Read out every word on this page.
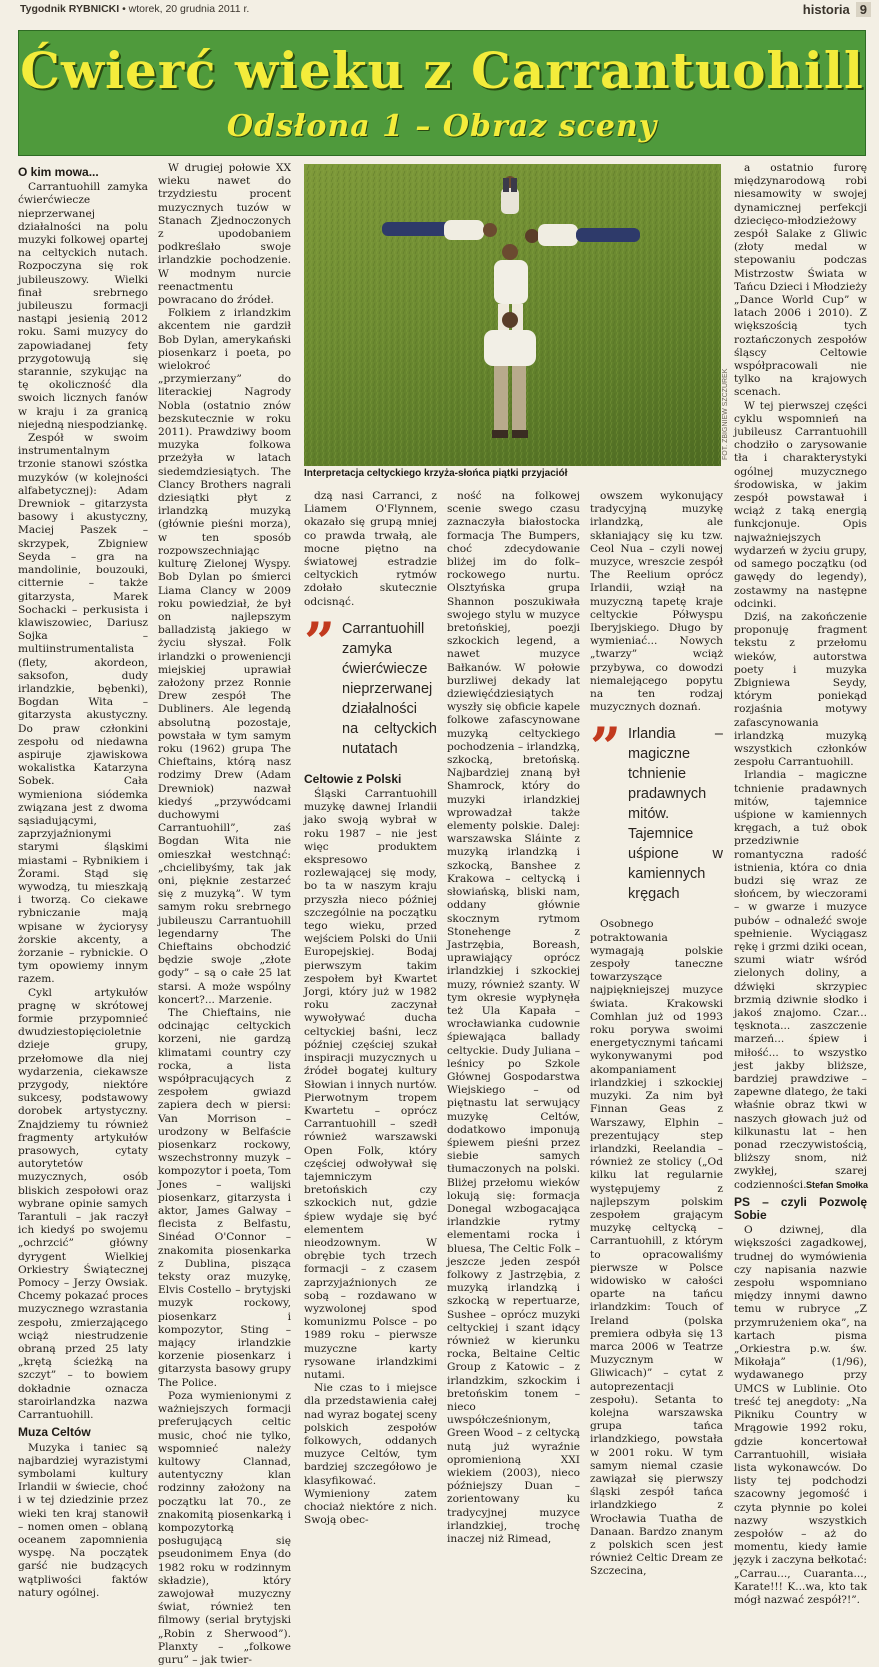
Tygodnik RYBNICKI • wtorek, 20 grudnia 2011 r.	historia 9
Ćwierć wieku z Carrantuohill
Odsłona 1 – Obraz sceny
FOT. ZBIGNIEW SZCZUREK
Interpretacja celtyckiego krzyża-słońca piątki przyjaciół
O kim mowa...

Carrantuohill zamyka ćwierćwiecze nieprzerwanej działalności na polu muzyki folkowej opartej na celtyckich nutach. Rozpoczyna się rok jubileuszowy. Wielki finał srebrnego jubileuszu formacji nastąpi jesienią 2012 roku. Sami muzycy do zapowiadanej fety przygotowują się starannie, szykując na tę okoliczność dla swoich licznych fanów w kraju i za granicą niejedną niespodziankę.

Zespół w swoim instrumentalnym trzonie stanowi szóstka muzyków (w kolejności alfabetycznej): Adam Drewniok – gitarzysta basowy i akustyczny, Maciej Paszek – skrzypek, Zbigniew Seyda – gra na mandolinie, bouzouki, citternie – także gitarzysta, Marek Sochacki – perkusista i klawiszowiec, Dariusz Sojka – multiinstrumentalista (flety, akordeon, saksofon, dudy irlandzkie, bębenki), Bogdan Wita – gitarzysta akustyczny. Do praw członkini zespołu od niedawna aspiruje zjawiskowa wokalistka Katarzyna Sobek. Cała wymieniona siódemka związana jest z dwoma sąsiadującymi, zaprzyjaźnionymi starymi śląskimi miastami – Rybnikiem i Żorami. Stąd się wywodzą, tu mieszkają i tworzą. Co ciekawe rybniczanie mają wpisane w życiorysy żorskie akcenty, a żorzanie – rybnickie. O tym opowiemy innym razem.

Cykl artykułów pragnę w skrótowej formie przypomnieć dwudziestopięcioletnie dzieje grupy, przełomowe dla niej wydarzenia, ciekawsze przygody, niektóre sukcesy, podstawowy dorobek artystyczny. Znajdziemy tu również fragmenty artykułów prasowych, cytaty autorytetów muzycznych, osób bliskich zespołowi oraz wybrane opinie samych Tarantuli – jak raczył ich kiedyś po swojemu „ochrzcić” główny dyrygent Wielkiej Orkiestry Świątecznej Pomocy – Jerzy Owsiak. Chcemy pokazać proces muzycznego wzrastania zespołu, zmierzającego wciąż niestrudzenie obraną przed 25 laty „krętą ścieżką na szczyt” – to bowiem dokładnie oznacza staroirlandzka nazwa Carrantuohill.

Muza Celtów

Muzyka i taniec są najbardziej wyrazistymi symbolami kultury Irlandii w świecie, choć i w tej dziedzinie przez wieki ten kraj stanowił – nomen omen – oblaną oceanem zapomnienia wyspę. Na początek garść nie budzących wątpliwości faktów natury ogólnej.

W drugiej połowie XX wieku nawet do trzydziestu procent muzycznych tuzów w Stanach Zjednoczonych z upodobaniem podkreślało swoje irlandzkie pochodzenie. W modnym nurcie reenactmentu powracano do źródeł.

Folkiem z irlandzkim akcentem nie gardził Bob Dylan, amerykański piosenkarz i poeta, po wielokroć „przymierzany” do literackiej Nagrody Nobla (ostatnio znów bezskutecznie w roku 2011). Prawdziwy boom muzyka folkowa przeżyła w latach siedemdziesiątych. The Clancy Brothers nagrali dziesiątki płyt z irlandzką muzyką (głównie pieśni morza), w ten sposób rozpowszechniając kulturę Zielonej Wyspy. Bob Dylan po śmierci Liama Clancy w 2009 roku powiedział, że był on najlepszym balladzistą jakiego w życiu słyszał. Folk irlandzki o proweniencji miejskiej uprawiał założony przez Ronnie Drew zespół The Dubliners. Ale legendą absolutną pozostaje, powstała w tym samym roku (1962) grupa The Chieftains, którą nasz rodzimy Drew (Adam Drewniok) nazwał kiedyś „przywódcami duchowymi Carrantuohill”, zaś Bogdan Wita nie omieszkał westchnąć: „chcielibyśmy, tak jak oni, pięknie zestarzeć się z muzyką”. W tym samym roku srebrnego jubileuszu Carrantuohill legendarny The Chieftains obchodzić będzie swoje „złote gody” – są o całe 25 lat starsi. A może wspólny koncert?... Marzenie.

The Chieftains, nie odcinając celtyckich korzeni, nie gardzą klimatami country czy rocka, a lista współpracujących z zespołem gwiazd zapiera dech w piersi: Van Morrison – urodzony w Belfaście piosenkarz rockowy, wszechstronny muzyk – kompozytor i poeta, Tom Jones – walijski piosenkarz, gitarzysta i aktor, James Galway – flecista z Belfastu, Sinéad O'Connor – znakomita piosenkarka z Dublina, pisząca teksty oraz muzykę, Elvis Costello – brytyjski muzyk rockowy, piosenkarz i kompozytor, Sting – mający irlandzkie korzenie piosenkarz i gitarzysta basowy grupy The Police.

Poza wymienionymi z ważniejszych formacji preferujących celtic music, choć nie tylko, wspomnieć należy kultowy Clannad, autentyczny klan rodzinny założony na początku lat 70., ze znakomitą piosenkarką i kompozytorką posługującą się pseudonimem Enya (do 1982 roku w rodzinnym składzie), który zawojował muzyczny świat, również ten filmowy (serial brytyjski „Robin z Sherwood”). Planxty – „folkowe guru” – jak twier-

dzą nasi Carranci, z Liamem O'Flynnem, okazało się grupą mniej co prawda trwałą, ale mocne piętno na światowej estradzie celtyckich rytmów zdołało skutecznie odcisnąć.

” Carrantuohill zamyka ćwierćwiecze nieprzerwanej działalności na celtyckich nutatach
Celtowie z Polski

Śląski Carrantuohill muzykę dawnej Irlandii jako swoją wybrał w roku 1987 – nie jest więc produktem ekspresowo rozlewającej się mody, bo ta w naszym kraju przyszła nieco później szczególnie na początku tego wieku, przed wejściem Polski do Unii Europejskiej. Bodaj pierwszym takim zespołem był Kwartet Jorgi, który już w 1982 roku zaczynał wywoływać ducha celtyckiej baśni, lecz później częściej szukał inspiracji muzycznych u źródeł bogatej kultury Słowian i innych nurtów. Pierwotnym tropem Kwartetu – oprócz Carrantuohill – szedł również warszawski Open Folk, który częściej odwoływał się tajemniczym bretońskich czy szkockich nut, gdzie śpiew wydaje się być elementem nieodzownym. W obrębie tych trzech formacji – z czasem zaprzyjaźnionych ze sobą – rozdawano w wyzwolonej spod komunizmu Polsce – po 1989 roku – pierwsze muzyczne karty rysowane irlandzkimi nutami.

Nie czas to i miejsce dla przedstawienia całej nad wyraz bogatej sceny polskich zespołów folkowych, oddanych muzyce Celtów, tym bardziej szczegółowo je klasyfikować. Wymieniony zatem chociaż niektóre z nich. Swoją obec-

ność na folkowej scenie swego czasu zaznaczyła białostocka formacja The Bumpers, choć zdecydowanie bliżej im do folk–rockowego nurtu. Olsztyńska grupa Shannon poszukiwała swojego stylu w muzyce bretońskiej, poezji szkockich legend, a nawet muzyce Bałkanów. W połowie burzliwej dekady lat dziewięćdziesiątych wyszły się obficie kapele folkowe zafascynowane muzyką celtyckiego pochodzenia – irlandzką, szkocką, bretońską. Najbardziej znaną był Shamrock, który do muzyki irlandzkiej wprowadzał także elementy polskie. Dalej: warszawska Sláinte z muzyką irlandzką i szkocką, Banshee z Krakowa – celtycką i słowiańską, bliski nam, oddany głównie skocznym rytmom Stonehenge z Jastrzębia, Boreash, uprawiający oprócz irlandzkiej i szkockiej muzy, również szanty. W tym okresie wypłynęła też Ula Kapała – wrocławianka cudownie śpiewająca ballady celtyckie. Dudy Juliana – leśnicy po Szkole Głównej Gospodarstwa Wiejskiego – od piętnastu lat serwujący muzykę Celtów, dodatkowo imponują śpiewem pieśni przez siebie samych tłumaczonych na polski. Bliżej przełomu wieków lokują się: formacja Donegal wzbogacająca irlandzkie rytmy elementami rocka i bluesa, The Celtic Folk – jeszcze jeden zespół folkowy z Jastrzębia, z muzyką irlandzką i szkocką w repertuarze, Sushee – oprócz muzyki celtyckiej i szant idący również w kierunku rocka, Beltaine Celtic Group z Katowic – z irlandzkim, szkockim i bretońskim tonem – nieco uwspółcześnionym, Green Wood – z celtycką nutą już wyraźnie opromienioną XXI wiekiem (2003), nieco późniejszy Duan – zorientowany ku tradycyjnej muzyce irlandzkiej, trochę inaczej niż Rimead,

owszem wykonujący tradycyjną muzykę irlandzką, ale skłaniający się ku tzw. Ceol Nua – czyli nowej muzyce, wreszcie zespół The Reelium oprócz Irlandii, wziął na muzyczną tapetę kraje celtyckie Półwyspu Iberyjskiego. Długo by wymieniać... Nowych „twarzy” wciąż przybywa, co dowodzi niemalejącego popytu na ten rodzaj muzycznych doznań.

” Irlandia – magiczne tchnienie pradawnych mitów. Tajemnice uśpione w kamiennych kręgach

Osobnego potraktowania wymagają polskie zespoły taneczne towarzyszące najpiękniejszej muzyce świata. Krakowski Comhlan już od 1993 roku porywa swoimi energetycznymi tańcami wykonywanymi pod akompaniament irlandzkiej i szkockiej muzyki. Za nim był Finnan Geas z Warszawy, Elphin – prezentujący step irlandzki, Reelandia – również ze stolicy („Od kilku lat regularnie występujemy z najlepszym polskim zespołem grającym muzykę celtycką – Carrantuohill, z którym to opracowaliśmy pierwsze w Polsce widowisko w całości oparte na tańcu irlandzkim: Touch of Ireland (polska premiera odbyła się 13 marca 2006 w Teatrze Muzycznym w Gliwicach)” – cytat z autoprezentacji zespołu). Setanta to kolejna warszawska grupa tańca irlandzkiego, powstała w 2001 roku. W tym samym niemal czasie zawiązał się pierwszy śląski zespół tańca irlandzkiego z Wrocławia Tuatha de Danaan. Bardzo znanym z polskich scen jest również Celtic Dream ze Szczecina,

a ostatnio furorę międzynarodową robi niesamowity w swojej dynamicznej perfekcji dziecięco-młodzieżowy zespół Salake z Gliwic (złoty medal w stepowaniu podczas Mistrzostw Świata w Tańcu Dzieci i Młodzieży „Dance World Cup” w latach 2006 i 2010). Z większością tych roztańczonych zespołów śląscy Celtowie współpracowali nie tylko na krajowych scenach.

W tej pierwszej części cyklu wspomnień na jubileusz Carrantuohill chodziło o zarysowanie tła i charakterystyki ogólnej muzycznego środowiska, w jakim zespół powstawał i wciąż z taką energią funkcjonuje. Opis najważniejszych wydarzeń w życiu grupy, od samego początku (od gawędy do legendy), zostawmy na następne odcinki.

Dziś, na zakończenie proponuję fragment tekstu z przełomu wieków, autorstwa poety i muzyka Zbigniewa Seydy, którym poniekąd rozjaśnia motywy zafascynowania irlandzką muzyką wszystkich członków zespołu Carrantuohill.

Irlandia – magiczne tchnienie pradawnych mitów, tajemnice uśpione w kamiennych kręgach, a tuż obok przedziwnie romantyczna radość istnienia, która co dnia budzi się wraz ze słońcem, by wieczorami – w gwarze i muzyce pubów – odnaleźć swoje spełnienie. Wyciągasz rękę i grzmi dziki ocean, szumi wiatr wśród zielonych doliny, a dźwięki skrzypiec brzmią dziwnie słodko i jakoś znajomo. Czar... tęsknota... zaszczenie marzeń... śpiew i miłość... to wszystko jest jakby bliższe, bardziej prawdziwe – zapewne dlatego, że taki właśnie obraz tkwi w naszych głowach już od kilkunastu lat – hen ponad rzeczywistością, bliższy snom, niż zwykłej, szarej codzienności.

PS – czyli Pozwolę Sobie

O dziwnej, dla większości zagadkowej, trudnej do wymówienia czy napisania nazwie zespołu wspomniano między innymi dawno temu w rubryce „Z przymrużeniem oka”, na kartach pisma „Orkiestra p.w. św. Mikołaja” (1/96), wydawanego przy UMCS w Lublinie. Oto treść tej anegdoty: „Na Pikniku Country w Mrągowie 1992 roku, gdzie koncertował Carrantuohill, wisiała lista wykonawców. Do listy tej podchodzi szacowny jegomość i czyta płynnie po kolei nazwy wszystkich zespołów – aż do momentu, kiedy łamie język i zaczyna bełkotać: „Carrau..., Cuaranta..., Karate!!! K...wa, kto tak mógł nazwać zespół?!”.

Stefan Smołka
